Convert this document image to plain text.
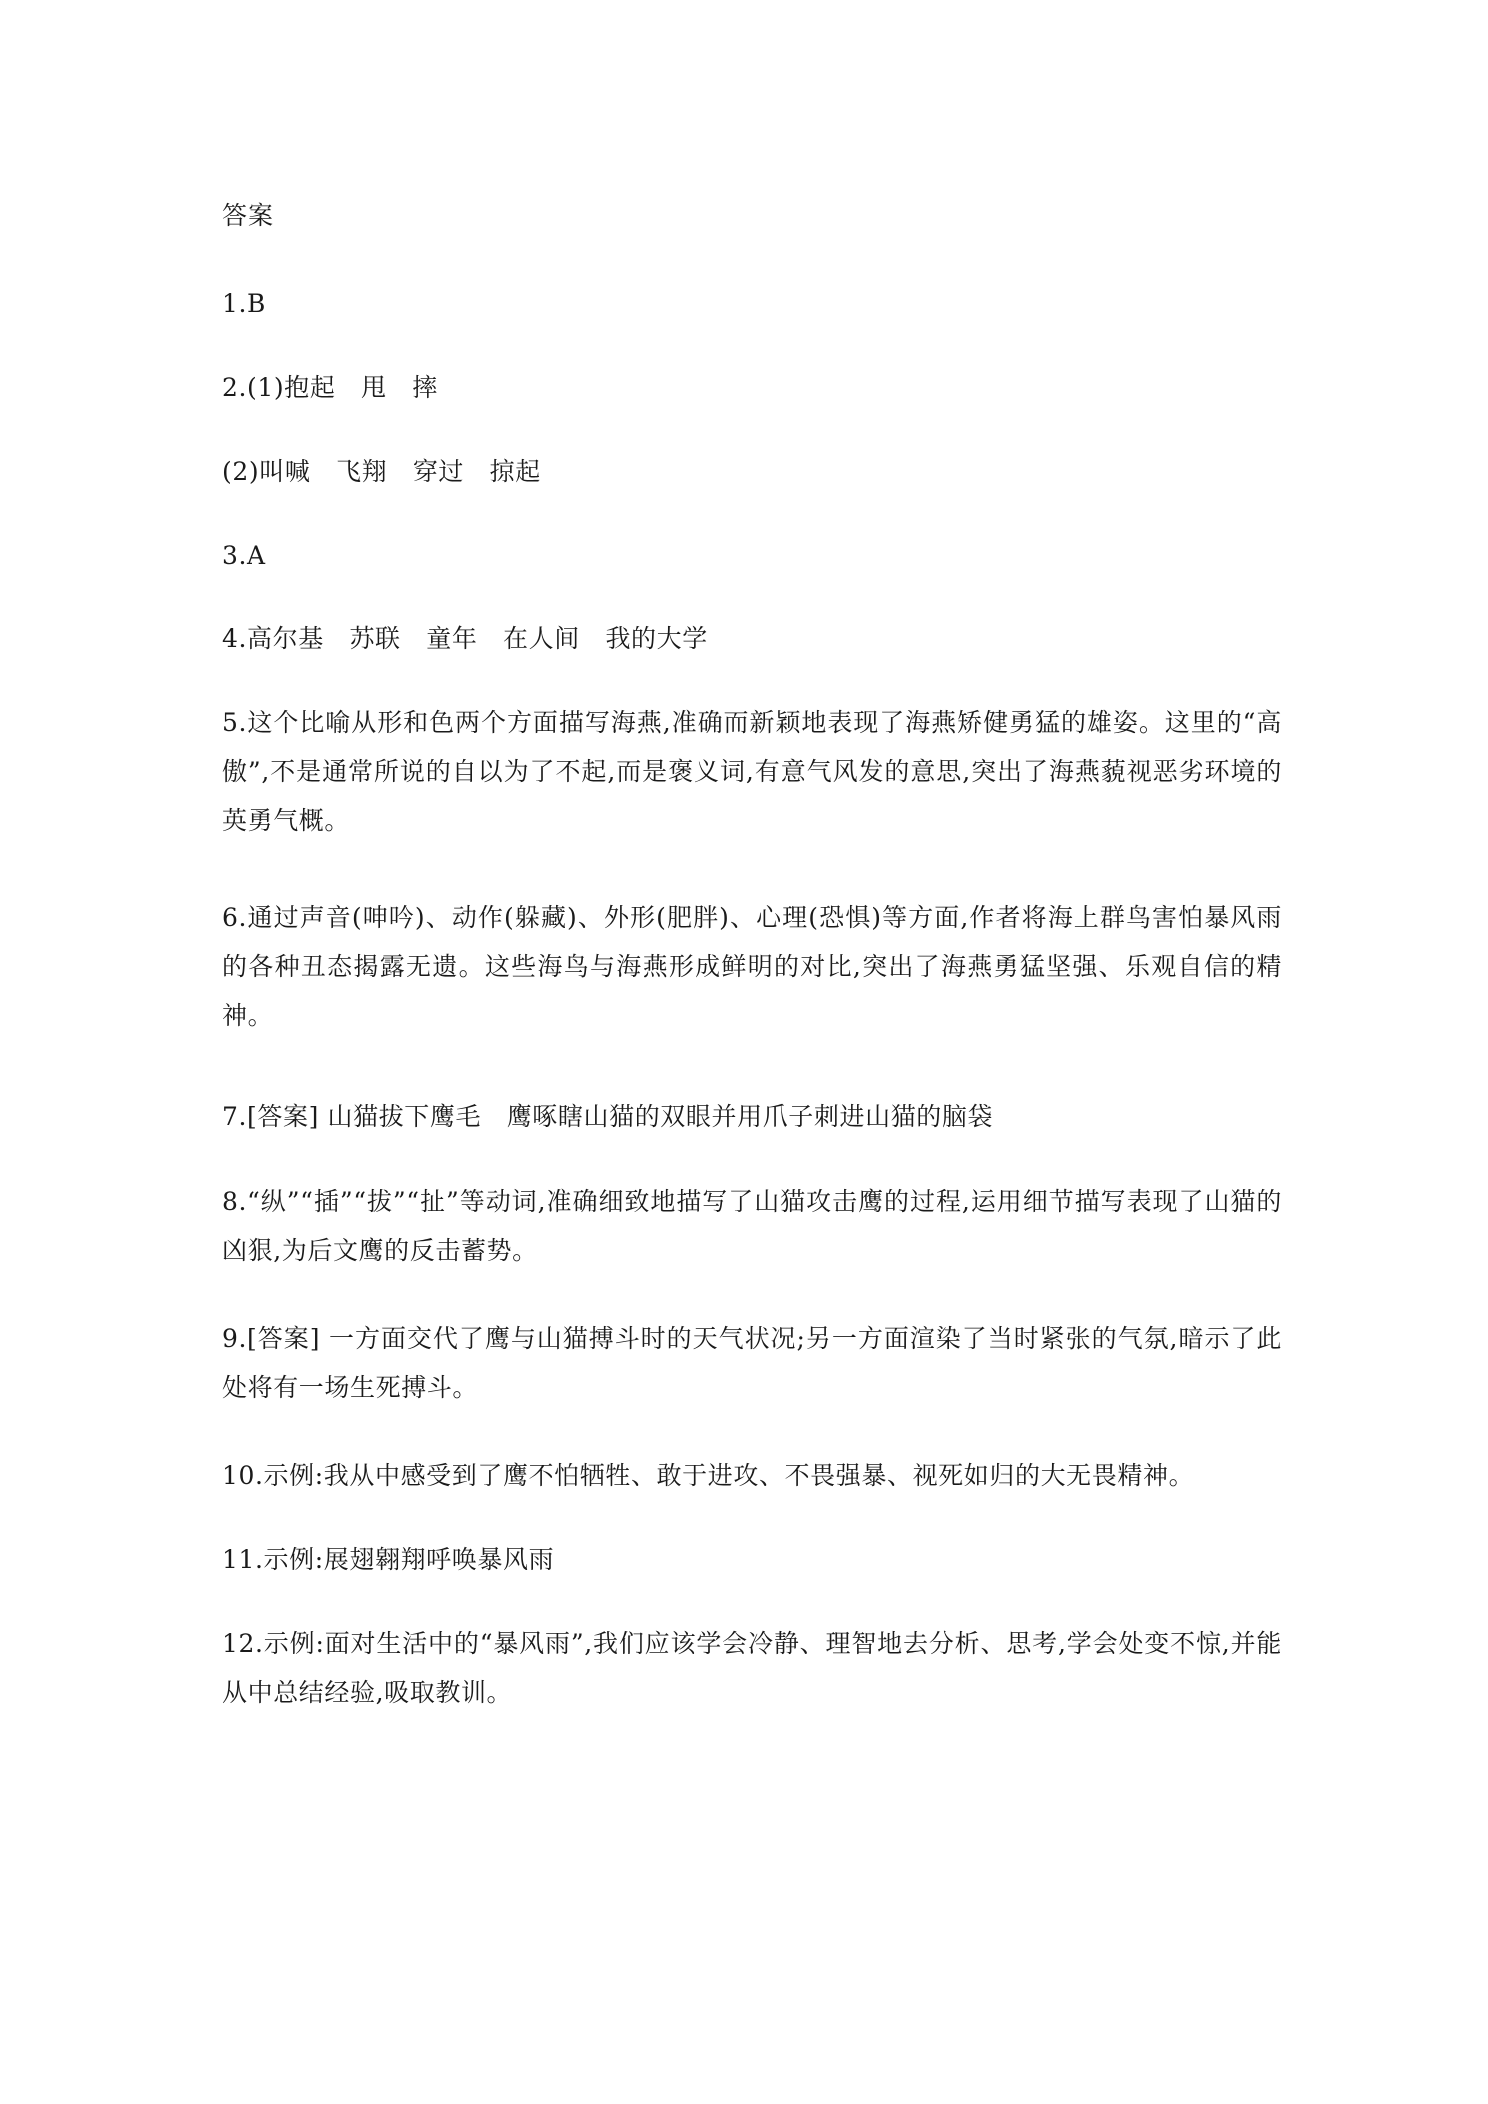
答案
1.B
2.(1)抱起　甩　摔
(2)叫喊　飞翔　穿过　掠起
3.A
4.高尔基　苏联　童年　在人间　我的大学
5.这个比喻从形和色两个方面描写海燕,准确而新颖地表现了海燕矫健勇猛的雄姿。这里的“高傲”,不是通常所说的自以为了不起,而是褒义词,有意气风发的意思,突出了海燕藐视恶劣环境的英勇气概。
6.通过声音(呻吟)、动作(躲藏)、外形(肥胖)、心理(恐惧)等方面,作者将海上群鸟害怕暴风雨的各种丑态揭露无遗。这些海鸟与海燕形成鲜明的对比,突出了海燕勇猛坚强、乐观自信的精神。
7.[答案] 山猫拔下鹰毛　鹰啄瞎山猫的双眼并用爪子刺进山猫的脑袋
8.“纵”“插”“拔”“扯”等动词,准确细致地描写了山猫攻击鹰的过程,运用细节描写表现了山猫的凶狠,为后文鹰的反击蓄势。
9.[答案] 一方面交代了鹰与山猫搏斗时的天气状况;另一方面渲染了当时紧张的气氛,暗示了此处将有一场生死搏斗。
10.示例:我从中感受到了鹰不怕牺牲、敢于进攻、不畏强暴、视死如归的大无畏精神。
11.示例:展翅翱翔呼唤暴风雨
12.示例:面对生活中的“暴风雨”,我们应该学会冷静、理智地去分析、思考,学会处变不惊,并能从中总结经验,吸取教训。
